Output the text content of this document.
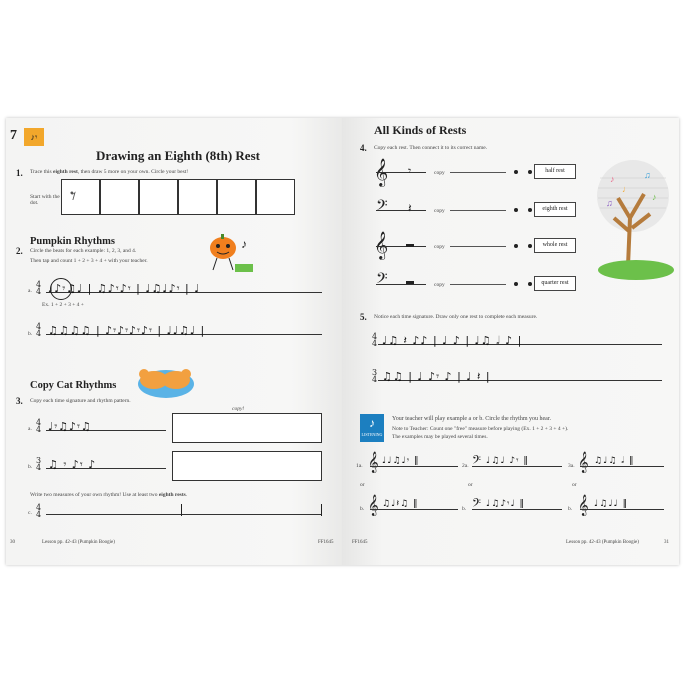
7	♪𝄾
Drawing an Eighth (8th) Rest
1. Trace this eighth rest, then draw 5 more on your own. Circle your best!
Start with the dot.	𝄾
Pumpkin Rhythms
2. Circle the beats for each example: 1, 2, 3, and 4.
Then tap and count 1 + 2 + 3 + 4 + with your teacher.
♪
Ex. 1 + 2 + 3 + 4 +
a.
4
4 ♩♪𝄾♫♩ | ♫♪𝄾♪𝄾 | ♩♫♩♪𝄾 | ♩
b.
4
4 ♫♫♫♫ | ♪𝄾♪𝄾♪𝄾♪𝄾 | ♩♩♫♩ |
Copy Cat Rhythms
3. Copy each time signature and rhythm pattern.
copy!
a.
4
4 ♩𝄾♫♪𝄾♫
b.
3
4 ♫ 𝄾 ♪𝄾 ♪
Write two measures of your own rhythm! Use at least two eighth rests.
c.
4
4
30	Lesson pp. 42-43 (Pumpkin Boogie)	FF1645
All Kinds of Rests
4. Copy each rest. Then connect it to its correct name.
𝄞 𝄾	copy	half rest
𝄢 𝄽	copy	eighth rest
𝄞	copy	whole rest
𝄢	copy	quarter rest
♪	♫
♩
♪
♫
5. Notice each time signature. Draw only one rest to complete each measure.
4
4 ♩♫ 𝄽 ♪♪ | ♩ ♪ | ♩♫ 𝅗𝅥 ♪ |
3
4 ♫♫ | ♩ ♪𝄾 ♪ | ♩ 𝄽 |
♪
LISTENING
Your teacher will play example a or b. Circle the rhythm you hear.
Note to Teacher: Count one "free" measure before playing (Ex. 1 + 2 + 3 + 4 +).
The examples may be played several times.
1a. 𝄞 ♩♩♫♩𝄾 ‖	2a. 𝄢 ♩♫♩ ♪𝄾 ‖	3a. 𝄞 ♫♩♫ 𝅗𝅥 ‖
or	or	or
b. 𝄞 ♫♩𝄽♫ ‖	b. 𝄢 ♩♫♪𝄾♩ ‖	b. 𝄞 ♩♫♩♩ ‖
FF1645	Lesson pp. 42-43 (Pumpkin Boogie)	31
